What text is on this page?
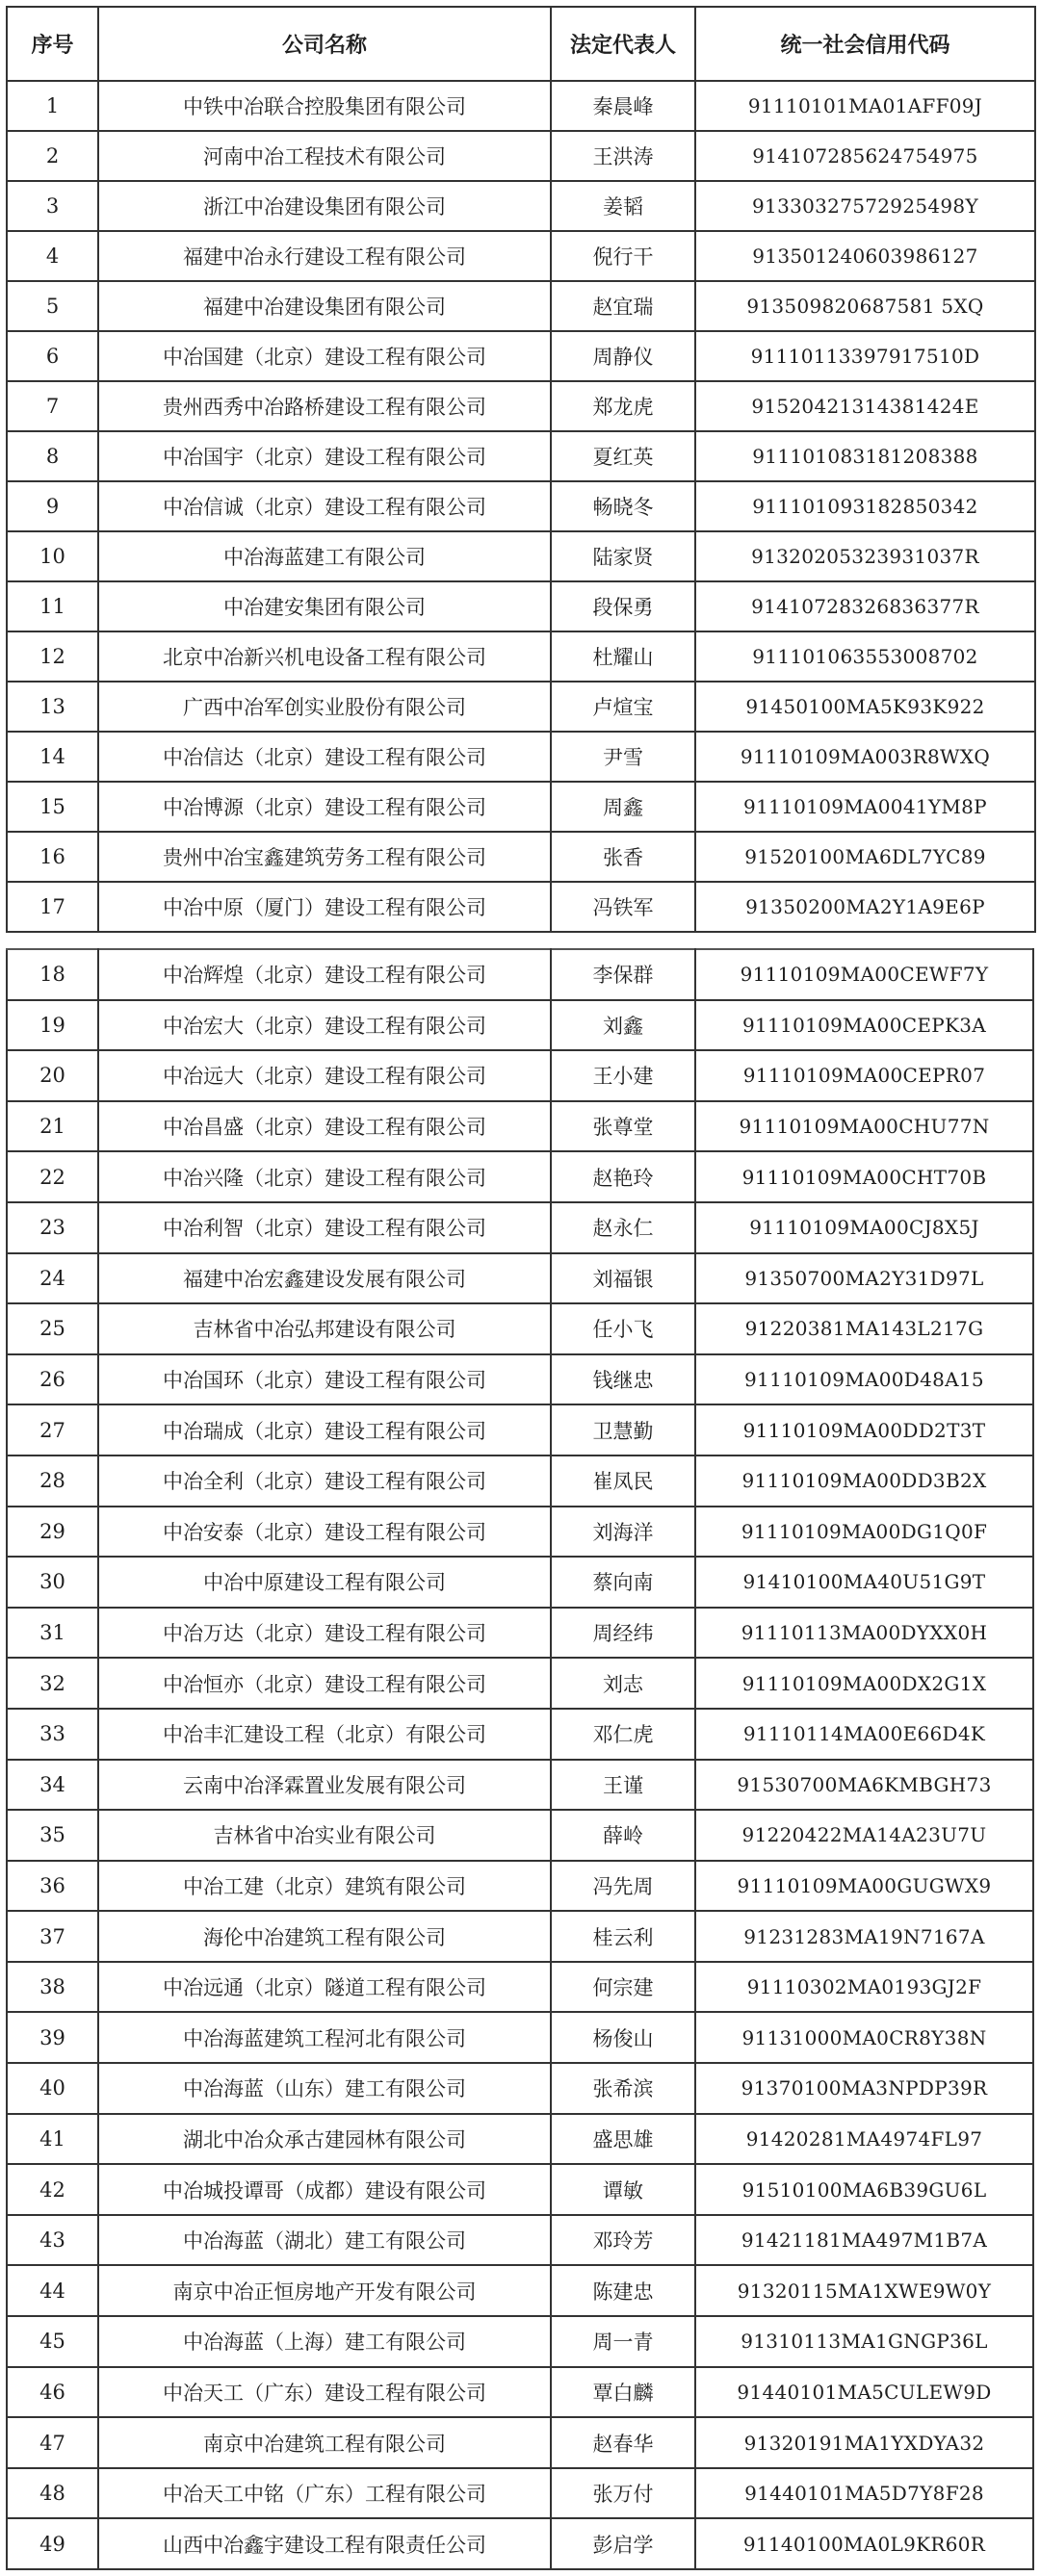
序号	公司名称	法定代表人	统一社会信用代码
1	中铁中冶联合控股集团有限公司	秦晨峰	91110101MA01AFF09J
2	河南中冶工程技术有限公司	王洪涛	914107285624754975
3	浙江中冶建设集团有限公司	姜韬	91330327572925498Y
4	福建中冶永行建设工程有限公司	倪行干	913501240603986127
5	福建中冶建设集团有限公司	赵宜瑞	913509820687581 5XQ
6	中冶国建（北京）建设工程有限公司	周静仪	91110113397917510D
7	贵州西秀中冶路桥建设工程有限公司	郑龙虎	91520421314381424E
8	中冶国宇（北京）建设工程有限公司	夏红英	911101083181208388
9	中冶信诚（北京）建设工程有限公司	畅晓冬	911101093182850342
10	中冶海蓝建工有限公司	陆家贤	91320205323931037R
11	中冶建安集团有限公司	段保勇	91410728326836377R
12	北京中冶新兴机电设备工程有限公司	杜耀山	911101063553008702
13	广西中冶军创实业股份有限公司	卢煊宝	91450100MA5K93K922
14	中冶信达（北京）建设工程有限公司	尹雪	91110109MA003R8WXQ
15	中冶博源（北京）建设工程有限公司	周鑫	91110109MA0041YM8P
16	贵州中冶宝鑫建筑劳务工程有限公司	张香	91520100MA6DL7YC89
17	中冶中原（厦门）建设工程有限公司	冯铁军	91350200MA2Y1A9E6P
18	中冶辉煌（北京）建设工程有限公司	李保群	91110109MA00CEWF7Y
19	中冶宏大（北京）建设工程有限公司	刘鑫	91110109MA00CEPK3A
20	中冶远大（北京）建设工程有限公司	王小建	91110109MA00CEPR07
21	中冶昌盛（北京）建设工程有限公司	张尊堂	91110109MA00CHU77N
22	中冶兴隆（北京）建设工程有限公司	赵艳玲	91110109MA00CHT70B
23	中冶利智（北京）建设工程有限公司	赵永仁	91110109MA00CJ8X5J
24	福建中冶宏鑫建设发展有限公司	刘福银	91350700MA2Y31D97L
25	吉林省中冶弘邦建设有限公司	任小飞	91220381MA143L217G
26	中冶国环（北京）建设工程有限公司	钱继忠	91110109MA00D48A15
27	中冶瑞成（北京）建设工程有限公司	卫慧勤	91110109MA00DD2T3T
28	中冶全利（北京）建设工程有限公司	崔凤民	91110109MA00DD3B2X
29	中冶安泰（北京）建设工程有限公司	刘海洋	91110109MA00DG1Q0F
30	中冶中原建设工程有限公司	蔡向南	91410100MA40U51G9T
31	中冶万达（北京）建设工程有限公司	周经纬	91110113MA00DYXX0H
32	中冶恒亦（北京）建设工程有限公司	刘志	91110109MA00DX2G1X
33	中冶丰汇建设工程（北京）有限公司	邓仁虎	91110114MA00E66D4K
34	云南中冶泽霖置业发展有限公司	王谨	91530700MA6KMBGH73
35	吉林省中冶实业有限公司	薛岭	91220422MA14A23U7U
36	中冶工建（北京）建筑有限公司	冯先周	91110109MA00GUGWX9
37	海伦中冶建筑工程有限公司	桂云利	91231283MA19N7167A
38	中冶远通（北京）隧道工程有限公司	何宗建	91110302MA0193GJ2F
39	中冶海蓝建筑工程河北有限公司	杨俊山	91131000MA0CR8Y38N
40	中冶海蓝（山东）建工有限公司	张希滨	91370100MA3NPDP39R
41	湖北中冶众承古建园林有限公司	盛思雄	91420281MA4974FL97
42	中冶城投谭哥（成都）建设有限公司	谭敏	91510100MA6B39GU6L
43	中冶海蓝（湖北）建工有限公司	邓玲芳	91421181MA497M1B7A
44	南京中冶正恒房地产开发有限公司	陈建忠	91320115MA1XWE9W0Y
45	中冶海蓝（上海）建工有限公司	周一青	91310113MA1GNGP36L
46	中冶天工（广东）建设工程有限公司	覃白麟	91440101MA5CULEW9D
47	南京中冶建筑工程有限公司	赵春华	91320191MA1YXDYA32
48	中冶天工中铭（广东）工程有限公司	张万付	91440101MA5D7Y8F28
49	山西中冶鑫宇建设工程有限责任公司	彭启学	91140100MA0L9KR60R
